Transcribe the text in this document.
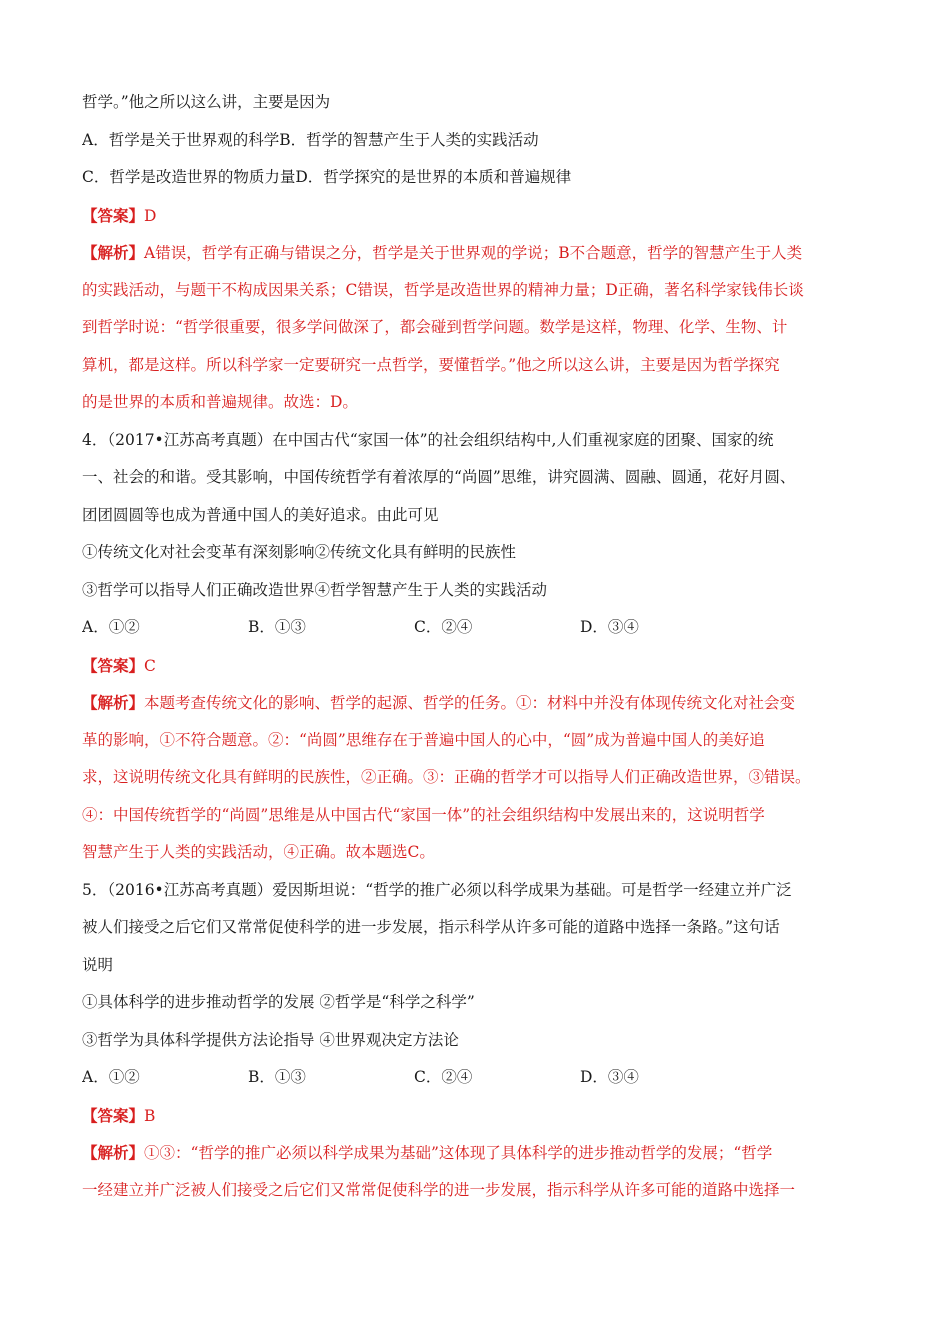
哲学。”他之所以这么讲，主要是因为
A．哲学是关于世界观的科学B．哲学的智慧产生于人类的实践活动
C．哲学是改造世界的物质力量D．哲学探究的是世界的本质和普遍规律
【答案】D
【解析】A错误，哲学有正确与错误之分，哲学是关于世界观的学说；B不合题意，哲学的智慧产生于人类
的实践活动，与题干不构成因果关系；C错误，哲学是改造世界的精神力量；D正确，著名科学家钱伟长谈
到哲学时说：“哲学很重要，很多学问做深了，都会碰到哲学问题。数学是这样，物理、化学、生物、计
算机，都是这样。所以科学家一定要研究一点哲学，要懂哲学。”他之所以这么讲，主要是因为哲学探究
的是世界的本质和普遍规律。故选：D。
4．（2017•江苏高考真题）在中国古代“家国一体”的社会组织结构中,人们重视家庭的团聚、国家的统
一、社会的和谐。受其影响，中国传统哲学有着浓厚的“尚圆”思维，讲究圆满、圆融、圆通，花好月圆、
团团圆圆等也成为普通中国人的美好追求。由此可见
①传统文化对社会变革有深刻影响②传统文化具有鲜明的民族性
③哲学可以指导人们正确改造世界④哲学智慧产生于人类的实践活动
A．①②	B．①③	C．②④	D．③④
【答案】C
【解析】本题考查传统文化的影响、哲学的起源、哲学的任务。①：材料中并没有体现传统文化对社会变
革的影响，①不符合题意。②：“尚圆”思维存在于普遍中国人的心中，“圆”成为普遍中国人的美好追
求，这说明传统文化具有鲜明的民族性，②正确。③：正确的哲学才可以指导人们正确改造世界，③错误。
④：中国传统哲学的“尚圆”思维是从中国古代“家国一体”的社会组织结构中发展出来的，这说明哲学
智慧产生于人类的实践活动，④正确。故本题选C。
5．（2016•江苏高考真题）爱因斯坦说：“哲学的推广必须以科学成果为基础。可是哲学一经建立并广泛
被人们接受之后它们又常常促使科学的进一步发展，指示科学从许多可能的道路中选择一条路。”这句话
说明
①具体科学的进步推动哲学的发展 ②哲学是“科学之科学”
③哲学为具体科学提供方法论指导 ④世界观决定方法论
A．①②	B．①③	C．②④	D．③④
【答案】B
【解析】①③：“哲学的推广必须以科学成果为基础”这体现了具体科学的进步推动哲学的发展；“哲学
一经建立并广泛被人们接受之后它们又常常促使科学的进一步发展，指示科学从许多可能的道路中选择一
